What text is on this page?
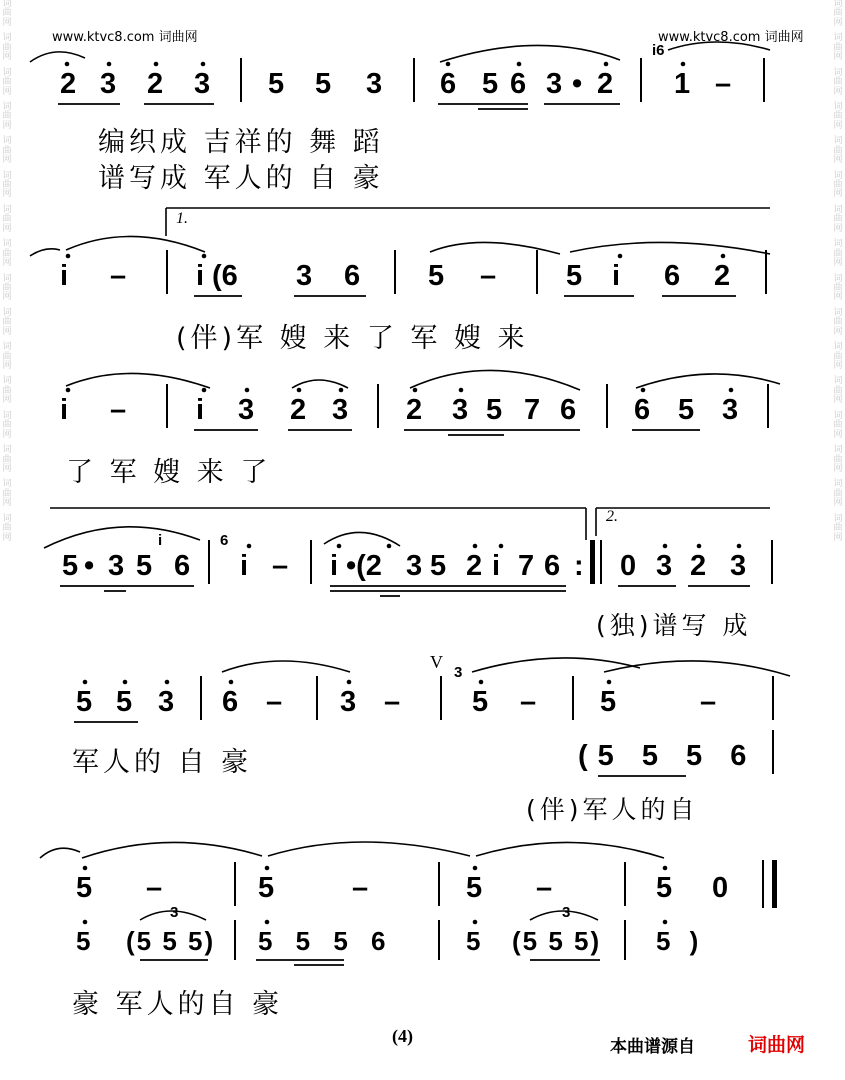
词
曲
网
词
曲
网
词
曲
网
词
曲
网
词
曲
网
词
曲
网
词
曲
网
词
曲
网
词
曲
网
词
曲
网
词
曲
网
词
曲
网
词
曲
网
词
曲
网
词
曲
网
词
曲
网
词
曲
网
词
曲
网
词
曲
网
词
曲
网
词
曲
网
词
曲
网
词
曲
网
词
曲
网
词
曲
网
词
曲
网
词
曲
网
词
曲
网
词
曲
网
词
曲
网
词
曲
网
词
曲
网
www.ktvc8.com 词曲网	www.ktvc8.com 词曲网
2 3 2 3 5 5 3 6 5 6 3 • 2
i6
1 –
编织成 吉祥的 舞 蹈
谱写成 军人的 自 豪
1.
i – i (6 3 6 5 – 5 i 6 2
(伴)军 嫂 来 了 军 嫂 来
i – i 3 2 3 2 3 5 7 6 6 5 3
了 军 嫂 来 了
2.
5 • 3 5
i
6
6
i – i •(2 3 5 2 i 7 6 : 0 3 2 3
(独)谱写 成
5 5 3 6 – 3 –
V
3
5 – 5	–
军人的 自 豪	(5 5 5 6
(伴)军人的自
5 –	5	–	5 –	5 0
5 (5 5 5)
3
5 5 5 6	5 (5 5 5)
3
5 )
豪 军人的自 豪
(4)
本曲谱源自	词曲网
